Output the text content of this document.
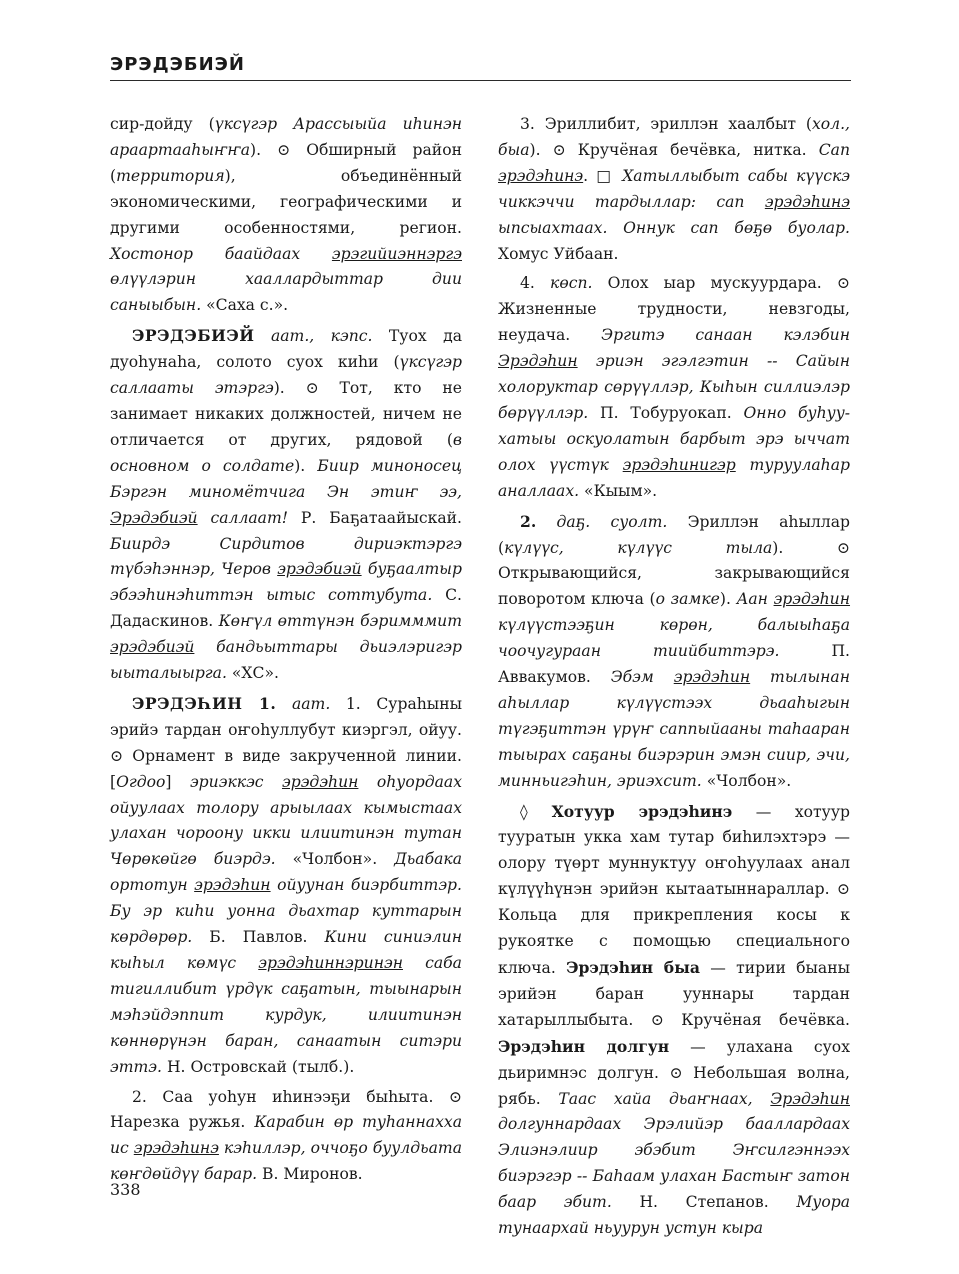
ЭРЭДЭБИЭЙ

сир-дойду (үксүгэр Арассыыйа иһинэн араартааһыҥҥа). ⊙ Обширный район (территория), объединённый экономическими, географическими и другими особенностями, регион. Хостонор баайдаах эрэгийиэннэргэ өлүүлэрин хааллардыттар дии саныыбын. «Саха с.».

ЭРЭДЭБИЭЙ аат., кэпс. Туох да дуоһунаһа, солото суох киһи (үксүгэр саллааты этэргэ). ⊙ Тот, кто не занимает никаких должностей, ничем не отличается от других, рядовой (в основном о солдате). Биир миноносец Бэргэн миномётчига Эн этиҥ ээ, Эрэдэбиэй саллаат! Р. Баҕатаайыскай. Биирдэ Сирдитов дириэктэргэ түбэһэннэр, Черов эрэдэбиэй буҕаалтыр эбээһинэһиттэн ытыс соттубута. С. Дадаскинов. Көҥүл өттүнэн бэримммит эрэдэбиэй бандьыттары дьиэлэригэр ыыталыырга. «ХС».

ЭРЭДЭҺИН 1. аат. 1. Сураһыны эрийэ тардан оҥоһуллубут киэргэл, ойуу. ⊙ Орнамент в виде закрученной линии. [Огдоо] эриэккэс эрэдэһин оһуордаах ойуулаах толору арыылаах кымыстаах улахан чороону икки илиитинэн тутан Чөрөкөйгө биэрдэ. «Чолбон». Дьабака ортотун эрэдэһин ойуунан биэрбиттэр. Бу эр киһи уонна дьахтар куттарын көрдөрөр. Б. Павлов. Кини синиэлин кыһыл көмүс эрэдэһиннэринэн саба тигиллибит үрдүк саҕатын, тыынарын мэһэйдэппит курдук, илиитинэн көннөрүнэн баран, санаатын ситэри эттэ. Н. Островскай (тылб.).

2. Саа уоһун иһинээҕи быһыта. ⊙ Нарезка ружья. Карабин өр туһаннахха ис эрэдэһинэ кэһиллэр, оччоҕо буулдьата көҥдөйдүү барар. В. Миронов.

3. Эриллибит, эриллэн хаалбыт (хол., быа). ⊙ Кручёная бечёвка, нитка. Сап эрэдэһинэ. □ Хатыллыбыт сабы күүскэ чиккэччи тардыллар: сап эрэдэһинэ ыпсыахтаах. Оннук сап бөҕө буолар. Хомус Уйбаан.

4. көсп. Олох ыар мускуурдара. ⊙ Жизненные трудности, невзгоды, неудача. Эргитэ санаан кэлэбин Эрэдэһин эриэн эгэлгэтин -- Сайын холоруктар сөрүүллэр, Кыһын силлиэлэр бөрүүллэр. П. Тобуруокап. Онно буһуу-хатыы оскуолатын барбыт эрэ ыччат олох үүстүк эрэдэһинигэр туруулаһар аналлаах. «Кыым».

2. даҕ. суолт. Эриллэн аһыллар (күлүүс, күлүүс тыла). ⊙ Открывающийся, закрывающийся поворотом ключа (о замке). Аан эрэдэһин күлүүстээҕин көрөн, балыыһаҕа чоочугураан тиийбиттэрэ. П. Аввакумов. Эбэм эрэдэһин тылынан аһыллар күлүүстээх дьааһыгын түгэҕиттэн үрүҥ саппыйааны таһааран тыырах саҕаны биэрэрин эмэн сиир, эчи, минньигэһин, эриэхсит. «Чолбон».

◊ Хотуур эрэдэһинэ — хотуур тууратын укка хам тутар биһилэхтэрэ — олору түөрт муннуктуу оҥоһуулаах анал күлүүһүнэн эрийэн кытаатыннараллар. ⊙ Кольца для прикрепления косы к рукоятке с помощью специального ключа. Эрэдэһин быа — тирии быаны эрийэн баран ууннары тардан хатарыллыбыта. ⊙ Кручёная бечёвка. Эрэдэһин долгун — улахана суох дьиримнэс долгун. ⊙ Небольшая волна, рябь. Таас хайа дьаҥнаах, Эрэдэһин долгуннардаах Эрэлийэр бааллардаах Элиэнэлиир эбэбит Эҥсилгэннээх биэрэгэр -- Баһаам улахан Бастыҥ затон баар эбит. Н. Степанов. Муора тунаархай ньуурун устун кыра

338
